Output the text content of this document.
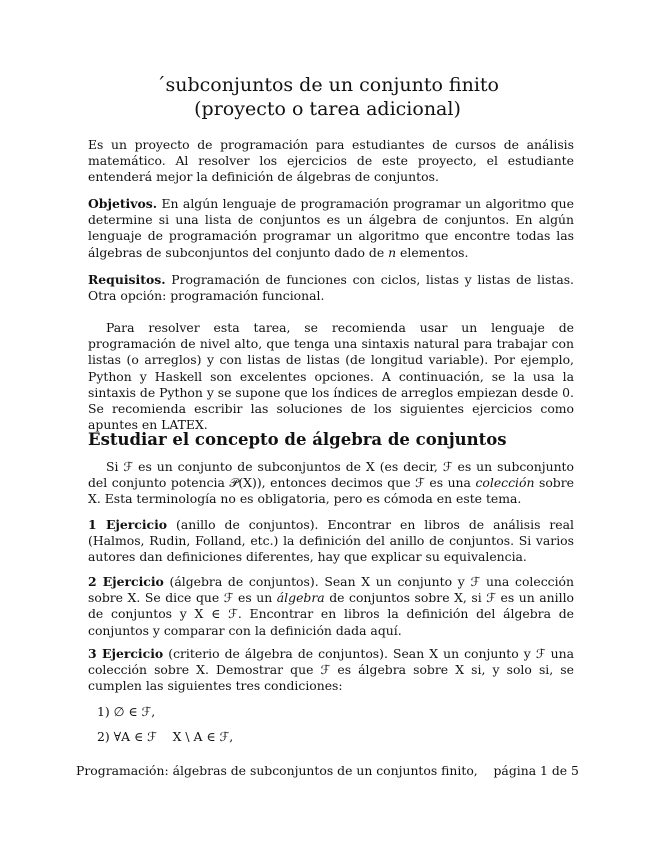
´subconjuntos de un conjunto finito
(proyecto o tarea adicional)
Es un proyecto de programación para estudiantes de cursos de análisis matemático. Al resolver los ejercicios de este proyecto, el estudiante entenderá mejor la definición de álgebras de conjuntos.
Objetivos. En algún lenguaje de programación programar un algoritmo que determine si una lista de conjuntos es un álgebra de conjuntos. En algún lenguaje de programación programar un algoritmo que encontre todas las álgebras de subconjuntos del conjunto dado de n elementos.
Requisitos. Programación de funciones con ciclos, listas y listas de listas. Otra opción: programación funcional.
Para resolver esta tarea, se recomienda usar un lenguaje de programación de nivel alto, que tenga una sintaxis natural para trabajar con listas (o arreglos) y con listas de listas (de longitud variable). Por ejemplo, Python y Haskell son excelentes opciones. A continuación, se la usa la sintaxis de Python y se supone que los índices de arreglos empiezan desde 0. Se recomienda escribir las soluciones de los siguientes ejercicios como apuntes en LATEX.
Estudiar el concepto de álgebra de conjuntos
Si ℱ es un conjunto de subconjuntos de X (es decir, ℱ es un subconjunto del conjunto potencia 𝒫(X)), entonces decimos que ℱ es una colección sobre X. Esta terminología no es obligatoria, pero es cómoda en este tema.
1 Ejercicio (anillo de conjuntos). Encontrar en libros de análisis real (Halmos, Rudin, Folland, etc.) la definición del anillo de conjuntos. Si varios autores dan definiciones diferentes, hay que explicar su equivalencia.
2 Ejercicio (álgebra de conjuntos). Sean X un conjunto y ℱ una colección sobre X. Se dice que ℱ es un álgebra de conjuntos sobre X, si ℱ es un anillo de conjuntos y X ∈ ℱ. Encontrar en libros la definición del álgebra de conjuntos y comparar con la definición dada aquí.
3 Ejercicio (criterio de álgebra de conjuntos). Sean X un conjunto y ℱ una colección sobre X. Demostrar que ℱ es álgebra sobre X si, y solo si, se cumplen las siguientes tres condiciones:
1) ∅ ∈ ℱ,
2) ∀A ∈ ℱ    X \ A ∈ ℱ,
Programación: álgebras de subconjuntos de un conjuntos finito,    página 1 de 5
